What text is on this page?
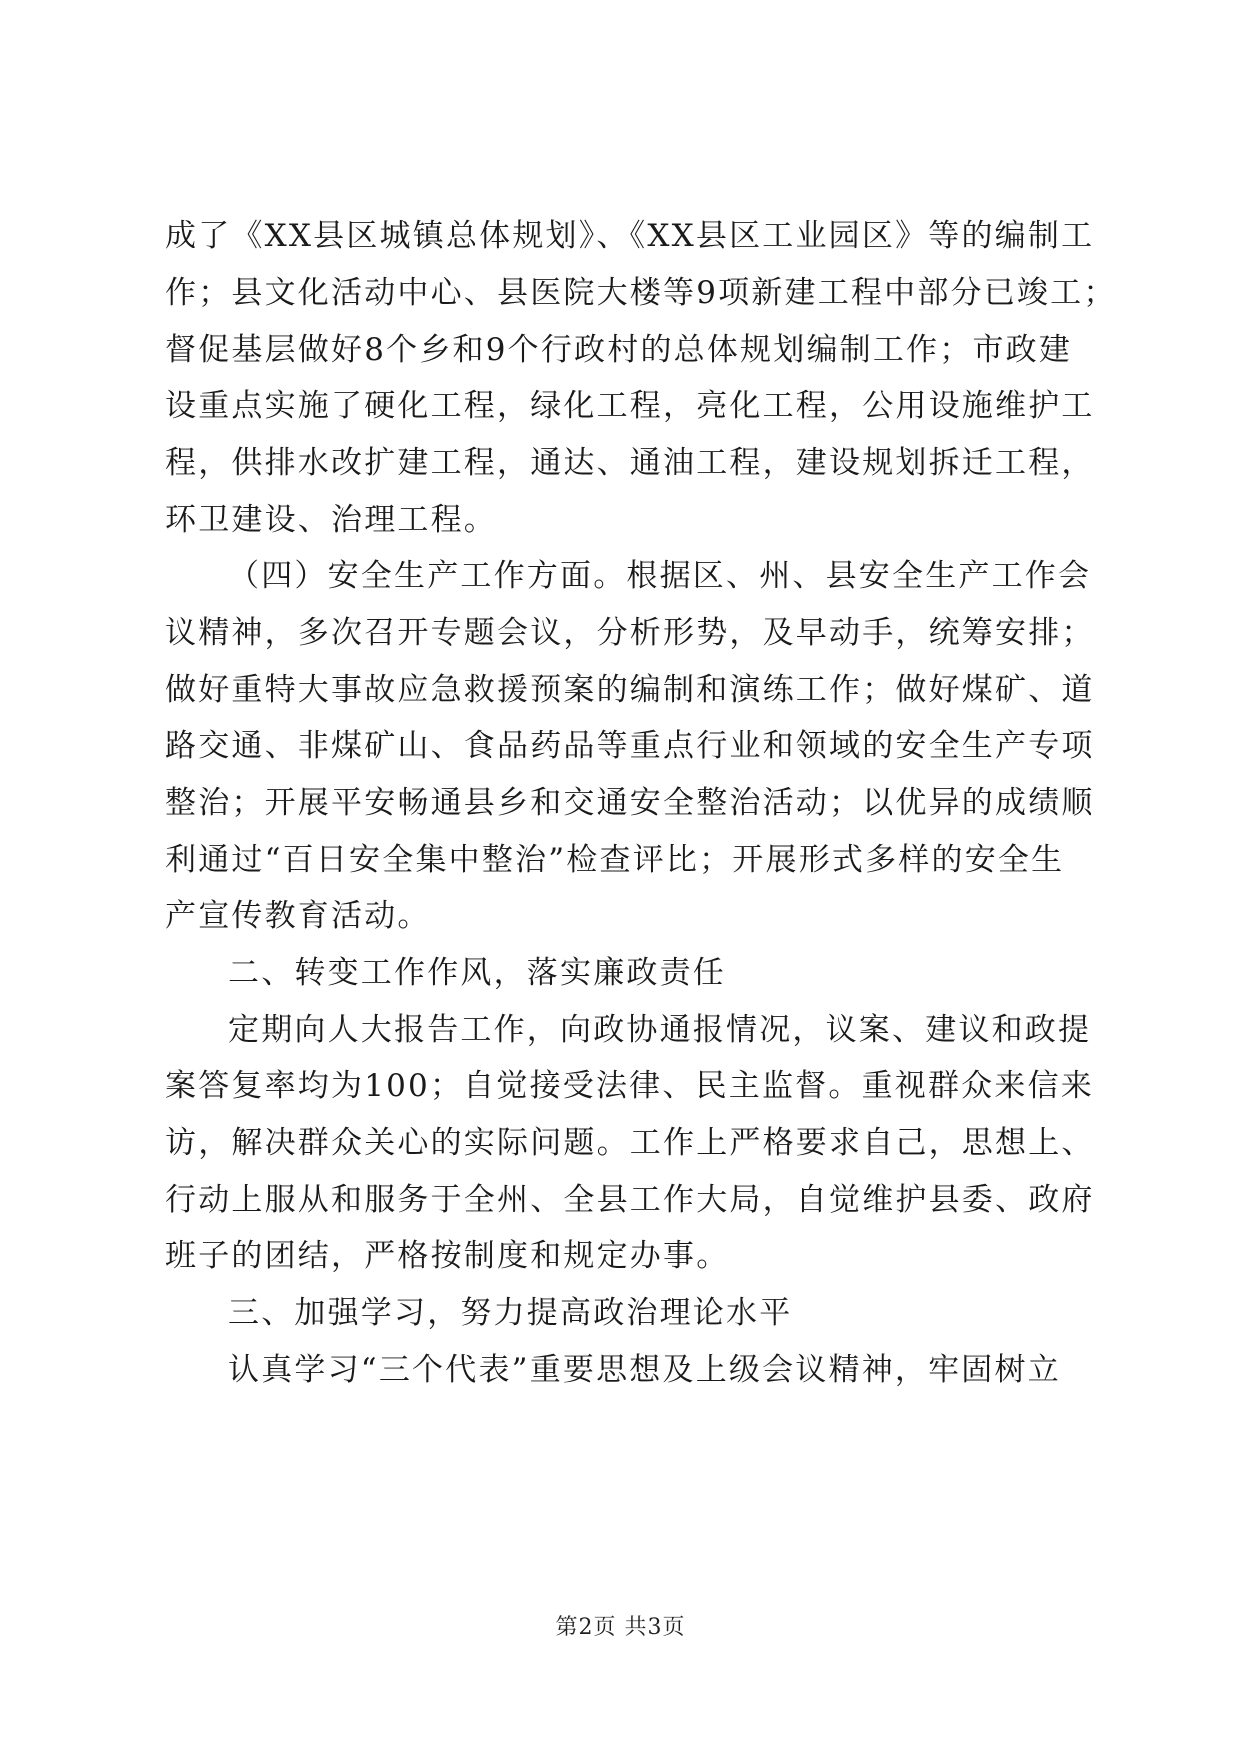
成了《XX县区城镇总体规划》、《XX县区工业园区》等的编制工
作；县文化活动中心、县医院大楼等9项新建工程中部分已竣工；
督促基层做好8个乡和9个行政村的总体规划编制工作；市政建
设重点实施了硬化工程，绿化工程，亮化工程，公用设施维护工
程，供排水改扩建工程，通达、通油工程，建设规划拆迁工程，
环卫建设、治理工程。
（四）安全生产工作方面。根据区、州、县安全生产工作会
议精神，多次召开专题会议，分析形势，及早动手，统筹安排；
做好重特大事故应急救援预案的编制和演练工作；做好煤矿、道
路交通、非煤矿山、食品药品等重点行业和领域的安全生产专项
整治；开展平安畅通县乡和交通安全整治活动；以优异的成绩顺
利通过“百日安全集中整治”检查评比；开展形式多样的安全生
产宣传教育活动。
二、转变工作作风，落实廉政责任
定期向人大报告工作，向政协通报情况，议案、建议和政提
案答复率均为100；自觉接受法律、民主监督。重视群众来信来
访，解决群众关心的实际问题。工作上严格要求自己，思想上、
行动上服从和服务于全州、全县工作大局，自觉维护县委、政府
班子的团结，严格按制度和规定办事。
三、加强学习，努力提高政治理论水平
认真学习“三个代表”重要思想及上级会议精神，牢固树立
第2页 共3页
